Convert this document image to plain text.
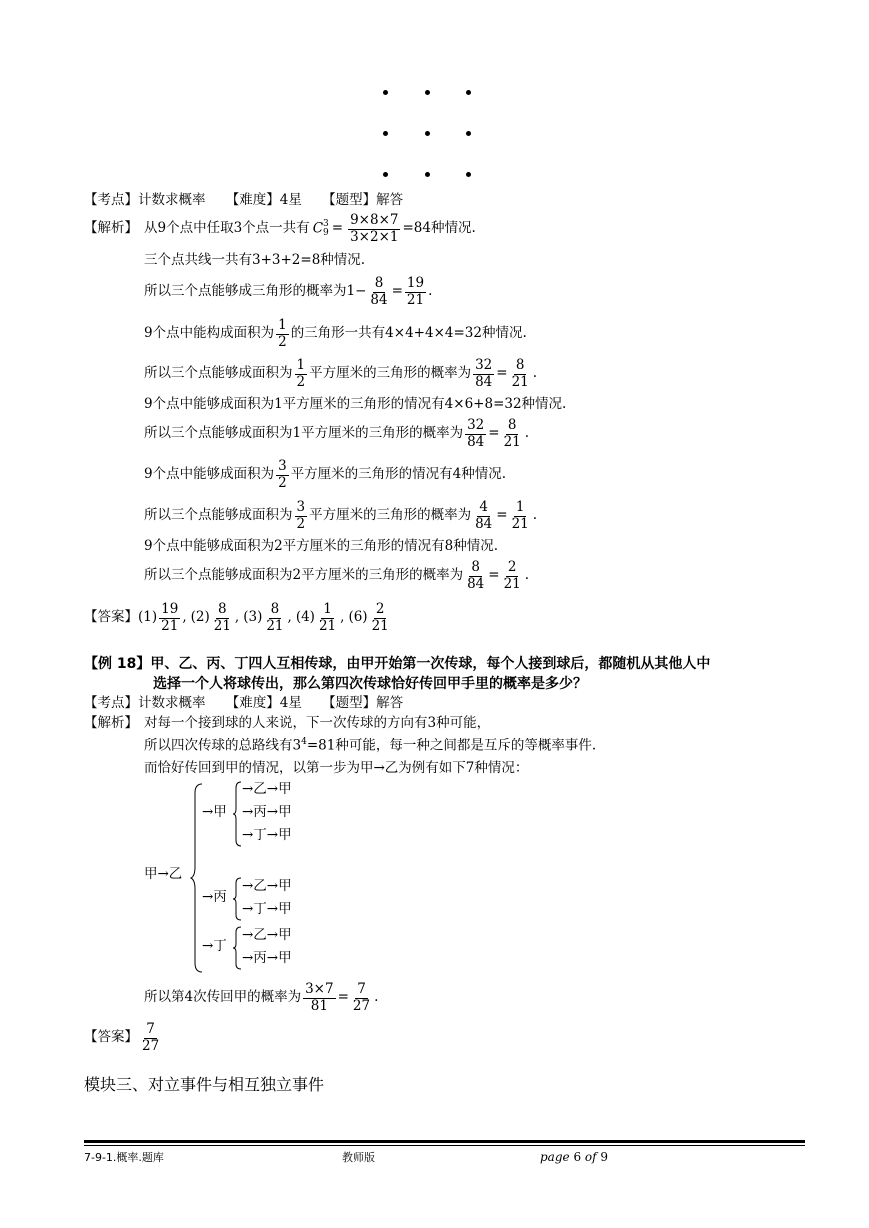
【考点】计数求概率　　【难度】4星　　【题型】解答
【解析】 从9个点中任取3个点一共有 C 3
$9 = \frac{9\times 8\times 7}{3\times 2\times 1} =84$种情况.
三个点共线一共有3+3+2=8种情况.
所以三个点能够成三角形的概率为$1- \frac{8}{84} = \frac{19}{21}$ .
9个点中能构成面积为 $\frac{1}{2}$ 的三角形一共有4×4+4×4=32种情况.
所以三个点能够成面积为 $\frac{1}{2}$ 平方厘米的三角形的概率为 $\frac{32}{84} = \frac{8}{21}$ .
9个点中能够成面积为1平方厘米的三角形的情况有4×6+8=32种情况.
所以三个点能够成面积为1平方厘米的三角形的概率为 $\frac{32}{84} = \frac{8}{21}$ .
9个点中能够成面积为 $\frac{3}{2}$ 平方厘米的三角形的情况有4种情况.
所以三个点能够成面积为 $\frac{3}{2}$ 平方厘米的三角形的概率为 $\frac{4}{84} = \frac{1}{21}$ .
9个点中能够成面积为2平方厘米的三角形的情况有8种情况.
所以三个点能够成面积为2平方厘米的三角形的概率为 $\frac{8}{84} = \frac{2}{21}$ .
【答案】 $(1) \frac{19}{21}$ , $(2) \frac{8}{21}$ , $(3) \frac{8}{21}$ , $(4) \frac{1}{21}$ , $(6) \frac{2}{21}$
【例 18】甲、乙、丙、丁四人互相传球，由甲开始第一次传球，每个人接到球后，都随机从其他人中
选择一个人将球传出，那么第四次传球恰好传回甲手里的概率是多少？
【考点】计数求概率　　【难度】4星　　【题型】解答
【解析】 对每一个接到球的人来说，下一次传球的方向有3种可能，
所以四次传球的总路线有$3^4=81$种可能，每一种之间都是互斥的等概率事件.
而恰好传回到甲的情况，以第一步为甲→乙为例有如下7种情况：
甲→乙
→甲
→乙→甲
→丙→甲
→丁→甲
→丙
→乙→甲
→丁→甲
→丁
→乙→甲
→丙→甲
所以第4次传回甲的概率为 $\frac{3\times 7}{81} = \frac{7}{27}$ .
【答案】 $\frac{7}{27}$
模块三、对立事件与相互独立事件
7-9-1.概率.题库	教师版	page 6 of 9
